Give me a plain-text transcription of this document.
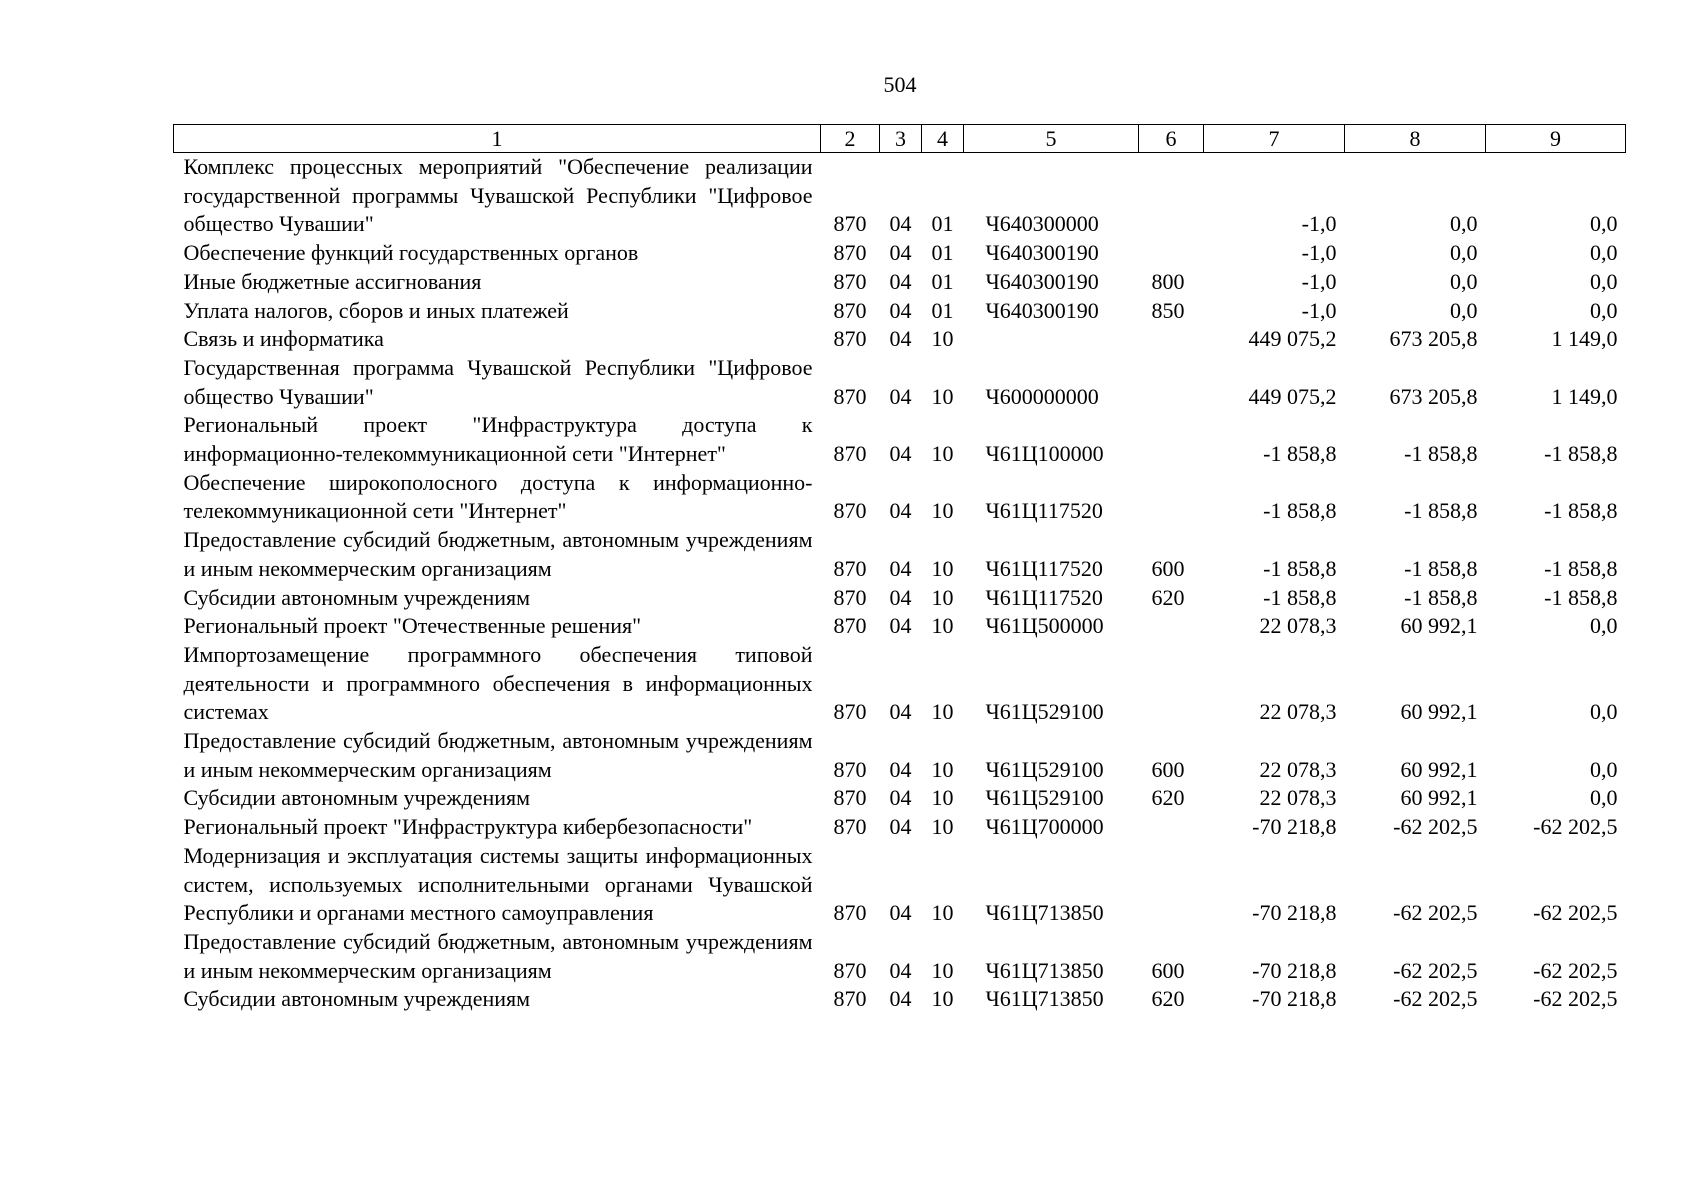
504
1	2	3	4	5	6	7	8	9
Комплекс процессных мероприятий "Обеспечение реализации государственной программы Чувашской Республики "Цифровое общество Чувашии"	870	04	01	Ч640300000		-1,0	0,0	0,0
Обеспечение функций государственных органов	870	04	01	Ч640300190		-1,0	0,0	0,0
Иные бюджетные ассигнования	870	04	01	Ч640300190	800	-1,0	0,0	0,0
Уплата налогов, сборов и иных платежей	870	04	01	Ч640300190	850	-1,0	0,0	0,0
Связь и информатика	870	04	10			449 075,2	673 205,8	1 149,0
Государственная программа Чувашской Республики "Цифровое общество Чувашии"	870	04	10	Ч600000000		449 075,2	673 205,8	1 149,0
Региональный проект "Инфраструктура доступа к информационно-телекоммуникационной сети "Интернет"	870	04	10	Ч61Ц100000		-1 858,8	-1 858,8	-1 858,8
Обеспечение широкополосного доступа к информационно-телекоммуникационной сети "Интернет"	870	04	10	Ч61Ц117520		-1 858,8	-1 858,8	-1 858,8
Предоставление субсидий бюджетным, автономным учреждениям и иным некоммерческим организациям	870	04	10	Ч61Ц117520	600	-1 858,8	-1 858,8	-1 858,8
Субсидии автономным учреждениям	870	04	10	Ч61Ц117520	620	-1 858,8	-1 858,8	-1 858,8
Региональный проект "Отечественные решения"	870	04	10	Ч61Ц500000		22 078,3	60 992,1	0,0
Импортозамещение программного обеспечения типовой деятельности и программного обеспечения в информационных системах	870	04	10	Ч61Ц529100		22 078,3	60 992,1	0,0
Предоставление субсидий бюджетным, автономным учреждениям и иным некоммерческим организациям	870	04	10	Ч61Ц529100	600	22 078,3	60 992,1	0,0
Субсидии автономным учреждениям	870	04	10	Ч61Ц529100	620	22 078,3	60 992,1	0,0
Региональный проект "Инфраструктура кибербезопасности"	870	04	10	Ч61Ц700000		-70 218,8	-62 202,5	-62 202,5
Модернизация и эксплуатация системы защиты информационных систем, используемых исполнительными органами Чувашской Республики и органами местного самоуправления	870	04	10	Ч61Ц713850		-70 218,8	-62 202,5	-62 202,5
Предоставление субсидий бюджетным, автономным учреждениям и иным некоммерческим организациям	870	04	10	Ч61Ц713850	600	-70 218,8	-62 202,5	-62 202,5
Субсидии автономным учреждениям	870	04	10	Ч61Ц713850	620	-70 218,8	-62 202,5	-62 202,5
